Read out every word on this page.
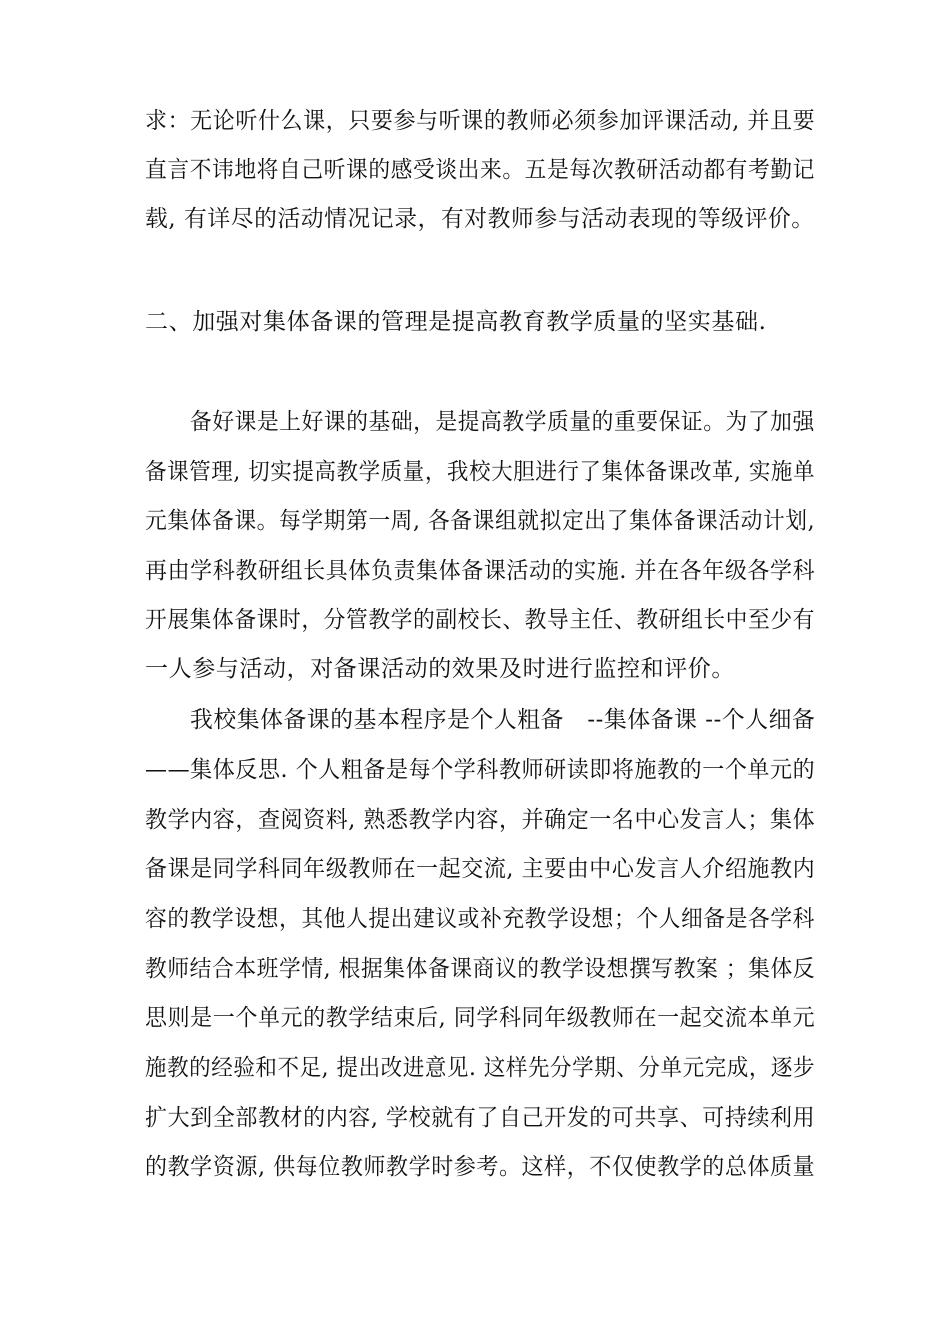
求：无论听什么课，只要参与听课的教师必须参加评课活动, 并且要
直言不讳地将自己听课的感受谈出来。五是每次教研活动都有考勤记
载, 有详尽的活动情况记录，有对教师参与活动表现的等级评价。
二、加强对集体备课的管理是提高教育教学质量的坚实基础.
备好课是上好课的基础，是提高教学质量的重要保证。为了加强
备课管理, 切实提高教学质量，我校大胆进行了集体备课改革, 实施单
元集体备课。每学期第一周, 各备课组就拟定出了集体备课活动计划,
再由学科教研组长具体负责集体备课活动的实施. 并在各年级各学科
开展集体备课时，分管教学的副校长、教导主任、教研组长中至少有
一人参与活动，对备课活动的效果及时进行监控和评价。
我校集体备课的基本程序是个人粗备　--集体备课 --个人细备
——集体反思. 个人粗备是每个学科教师研读即将施教的一个单元的
教学内容，查阅资料, 熟悉教学内容，并确定一名中心发言人；集体
备课是同学科同年级教师在一起交流, 主要由中心发言人介绍施教内
容的教学设想，其他人提出建议或补充教学设想；个人细备是各学科
教师结合本班学情, 根据集体备课商议的教学设想撰写教案 ；集体反
思则是一个单元的教学结束后, 同学科同年级教师在一起交流本单元
施教的经验和不足, 提出改进意见. 这样先分学期、分单元完成，逐步
扩大到全部教材的内容, 学校就有了自己开发的可共享、可持续利用
的教学资源, 供每位教师教学时参考。这样，不仅使教学的总体质量
